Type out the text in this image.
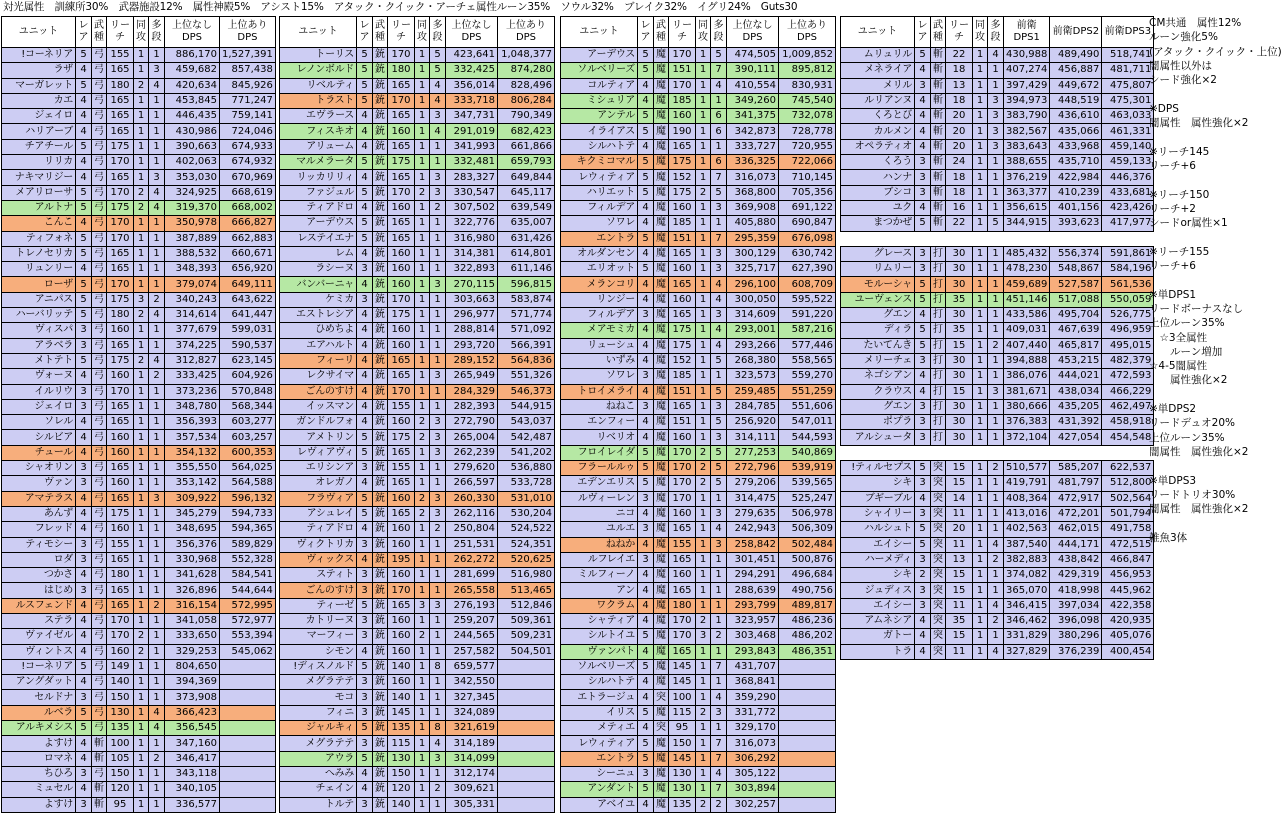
対光属性　訓練所30%　武器施設12%　属性神殿5%　アシスト15%　アタック・クイック・アーチェ属性ルーン35%　ソウル32%　ブレイク32%　イグリ24%　Guts30
ユニット	レア	武種	リーチ	同攻	多段	上位なしDPS	上位ありDPS
!コーネリア	5	弓	155	1	1	886,170	1,527,391
ラザ	4	弓	165	1	3	459,682	857,438
マーガレット	5	弓	180	2	4	420,634	845,926
カエ	4	弓	165	1	1	453,845	771,247
ジェイロ	4	弓	165	1	1	446,435	759,141
ハリアーブ	4	弓	165	1	1	430,986	724,046
チアチール	5	弓	175	1	1	390,663	674,933
リリカ	4	弓	170	1	1	402,063	674,932
ナキマリジー	4	弓	165	1	3	353,030	670,969
メアリローサ	5	弓	170	2	4	324,925	668,619
アルトナ	5	弓	175	2	4	319,370	668,002
こんこ	4	弓	170	1	1	350,978	666,827
ティフォネ	5	弓	170	1	1	387,889	662,883
トレノセリカ	5	弓	165	1	1	388,532	660,671
リュンリー	4	弓	165	1	1	348,393	656,920
ローザ	5	弓	170	1	1	379,074	649,111
アニパス	5	弓	175	3	2	340,243	643,622
ハーバリッテ	5	弓	180	2	4	314,614	641,447
ヴィスパ	3	弓	160	1	1	377,679	599,031
アラベラ	3	弓	165	1	1	374,225	590,537
メトテト	5	弓	175	2	4	312,827	623,145
ヴォーヌ	4	弓	160	1	2	333,425	604,926
イルリウ	3	弓	170	1	1	373,236	570,848
ジェイロ	3	弓	165	1	1	348,780	568,344
ソレル	4	弓	165	1	1	356,393	603,277
シルビア	4	弓	160	1	1	357,534	603,257
チュール	4	弓	160	1	1	354,132	600,353
シャオリン	3	弓	165	1	1	355,550	564,025
ヴァン	3	弓	160	1	1	353,142	564,588
アマテラス	4	弓	165	1	3	309,922	596,132
あんず	4	弓	175	1	1	345,279	594,733
フレッド	4	弓	160	1	1	348,695	594,365
ティモシー	3	弓	155	1	1	356,376	589,829
ロダ	3	弓	165	1	1	330,968	552,328
つかさ	4	弓	180	1	1	341,628	584,541
はじめ	3	弓	165	1	1	326,896	544,644
ルスフェンド	4	弓	165	1	2	316,154	572,995
ステラ	4	弓	170	1	1	341,058	572,977
ヴァイゼル	4	弓	170	2	1	333,650	553,394
ヴィントス	4	弓	160	2	1	329,253	545,062
!コーネリア	5	弓	149	1	1	804,650	
アングダット	4	弓	140	1	1	394,369	
セルドナ	3	弓	150	1	1	373,908	
ルベラ	5	弓	130	1	4	366,423	
アルキメシス	5	弓	135	1	4	356,545	
よすけ	4	斬	100	1	1	347,160	
ロマネ	4	斬	105	1	2	346,417	
ちひろ	3	弓	150	1	1	343,118	
ミュセル	4	斬	120	1	1	340,105	
よすけ	3	斬	95	1	1	336,577	
ユニット	レア	武種	リーチ	同攻	多段	上位なしDPS	上位ありDPS
トーリス	5	銃	170	1	5	423,641	1,048,377
レノンボルド	5	銃	180	1	5	332,425	874,280
リベルティ	5	銃	165	1	4	356,014	828,496
トラスト	5	銃	170	1	4	333,718	806,284
エヴラース	4	銃	165	1	3	347,731	790,349
フィスキオ	4	銃	160	1	4	291,019	682,423
アリューム	4	銃	165	1	1	341,993	661,866
マルメラータ	5	銃	175	1	1	332,481	659,793
リッカリリィ	4	銃	165	1	3	283,327	649,844
ファジュル	5	銃	170	2	3	330,547	645,117
ティアドロ	4	銃	160	1	2	307,502	639,549
アーデウス	5	銃	165	1	1	322,776	635,007
レステイエナ	5	銃	165	1	1	316,980	631,426
レム	4	銃	160	1	1	314,381	614,801
ラシーヌ	3	銃	160	1	1	322,893	611,146
バンバーニャ	4	銃	160	1	3	270,115	596,815
ケミカ	3	銃	170	1	1	303,663	583,874
エストレシア	4	銃	175	1	1	296,977	571,774
ひめちよ	4	銃	160	1	1	288,814	571,092
エアハルト	4	銃	160	1	1	293,720	566,391
フィーリ	4	銃	165	1	1	289,152	564,836
レクサイマ	4	銃	165	1	3	265,949	551,326
ごんのすけ	4	銃	170	1	1	284,329	546,373
イッスマン	4	銃	155	1	1	282,393	544,915
ガンドルフォ	4	銃	160	2	3	272,790	543,037
アメトリン	5	銃	175	2	3	265,004	542,487
レヴィアヴィ	5	銃	165	1	3	262,239	541,202
エリシンア	3	銃	155	1	1	279,620	536,880
オレガノ	4	銃	165	1	1	266,597	533,728
フラヴィア	5	銃	160	2	3	260,330	531,010
アシュレイ	5	銃	165	2	3	262,116	530,204
ティアドロ	4	銃	160	1	2	250,804	524,522
ヴィクトリカ	3	銃	160	1	1	251,531	524,351
ヴィックス	4	銃	195	1	1	262,272	520,625
スティト	3	銃	160	1	1	281,699	516,980
ごんのすけ	3	銃	170	1	1	265,558	513,465
ティーゼ	5	銃	165	3	3	276,193	512,846
カトリーヌ	3	銃	160	1	1	259,207	509,361
マーフィー	3	銃	160	2	1	244,565	509,231
シモン	4	銃	160	1	1	257,582	504,501
!ディスノルド	5	銃	140	1	8	659,577	
メグラテテ	3	銃	160	1	1	342,550	
モコ	3	銃	140	1	1	327,345	
フィニ	3	銃	145	1	1	324,089	
ジャルキィ	5	銃	135	1	8	321,619	
メグラテテ	3	銃	115	1	4	314,189	
アウラ	5	銃	130	1	3	314,099	
へみみ	4	銃	150	1	1	312,174	
チェイン	4	銃	120	1	2	309,621	
トルテ	3	銃	140	1	1	305,331	
ユニット	レア	武種	リーチ	同攻	多段	上位なしDPS	上位ありDPS
アーデウス	5	魔	170	1	5	474,505	1,009,852
ソルベリーズ	5	魔	151	1	7	390,111	895,812
コルティア	4	魔	170	1	4	410,554	830,931
ミシュリア	4	魔	185	1	1	349,260	745,540
アンテル	5	魔	160	1	6	341,375	732,078
イライアス	5	魔	190	1	6	342,873	728,778
シルハトテ	4	魔	165	1	1	333,727	720,955
キクミコマル	5	魔	175	1	6	336,325	722,066
レウィティア	5	魔	152	1	7	316,073	710,145
ハリエット	5	魔	175	2	5	368,800	705,356
フィルデア	4	魔	160	1	3	369,908	691,122
ソワレ	4	魔	185	1	1	405,880	690,847
エントラ	5	魔	151	1	7	295,359	676,098
オルダンセン	4	魔	165	1	3	300,129	630,742
エリオット	5	魔	160	1	3	325,717	627,390
メランコリ	4	魔	165	1	4	296,100	608,709
リンジー	4	魔	160	1	4	300,050	595,522
フィルデア	3	魔	165	1	3	314,609	591,220
メアモミカ	4	魔	175	1	4	293,001	587,216
リューシュ	4	魔	175	1	4	293,266	577,446
いずみ	4	魔	152	1	5	268,380	558,565
ソワレ	3	魔	185	1	1	323,573	559,270
トロイメライ	4	魔	151	1	5	259,485	551,259
ねねこ	3	魔	165	1	3	284,785	551,606
エンフィー	4	魔	151	1	5	256,920	547,011
リベリオ	4	魔	160	1	3	314,111	544,593
フロイレイダ	5	魔	170	2	5	277,253	540,869
フラールルゥ	5	魔	170	2	5	272,796	539,919
エデンエリス	5	魔	170	2	5	279,206	539,565
ルヴィーレン	3	魔	170	1	1	314,475	525,247
ニコ	4	魔	160	1	3	279,635	506,978
ユルエ	3	魔	165	1	4	242,943	506,309
ねねか	4	魔	155	1	3	258,842	502,484
ルフレイエ	3	魔	165	1	1	301,451	500,876
ミルフィーノ	4	魔	160	1	1	294,291	496,684
アン	4	魔	165	1	1	288,639	490,756
ワクラム	4	魔	180	1	1	293,799	489,817
シャティア	4	魔	170	2	1	323,957	486,236
シルトイユ	5	魔	170	3	2	303,468	486,202
ヴァンパト	4	魔	165	1	1	293,843	486,351
ソルベリーズ	5	魔	145	1	7	431,707	
シルハトテ	4	魔	145	1	1	368,841	
エトラージュ	4	突	100	1	4	359,290	
イリス	5	魔	115	2	3	331,772	
メティエ	4	突	95	1	1	329,170	
レウィティア	5	魔	150	1	7	316,073	
エントラ	5	魔	145	1	7	306,292	
シーニュ	3	魔	130	1	4	305,122	
アンダント	5	魔	130	1	7	303,894	
アベイユ	4	魔	135	2	2	302,257	
ユニット	レア	武種	リーチ	同攻	多段	前衛DPS1	前衛DPS2	前衛DPS3
ムリュリル	5	斬	22	1	4	430,988	489,490	518,741
メネライア	4	斬	18	1	1	407,274	456,887	481,711
メリル	3	斬	13	1	1	397,429	449,672	475,807
ルリアンヌ	4	斬	18	1	3	394,973	448,519	475,301
くろとび	4	斬	20	1	3	383,790	436,610	463,033
カルメン	4	斬	20	1	3	382,567	435,066	461,331
オペラティオ	4	斬	20	1	3	383,643	433,968	459,140
くろう	3	斬	24	1	1	388,655	435,710	459,133
ハンナ	3	斬	18	1	1	376,219	422,984	446,376
ブシコ	3	斬	18	1	1	363,377	410,239	433,681
ユク	4	斬	16	1	1	356,615	401,156	423,426
まつかぜ	5	斬	22	1	5	344,915	393,623	417,977

グレース	3	打	30	1	1	485,432	556,374	591,861
リムリー	3	打	30	1	1	478,230	548,867	584,196
モルーシャ	5	打	30	1	1	459,689	527,587	561,536
ユーヴェンス	5	打	35	1	1	451,146	517,088	550,059
グエン	4	打	30	1	1	433,586	495,704	526,775
ディラ	5	打	35	1	1	409,031	467,639	496,959
たいてんき	5	打	15	1	2	407,440	465,817	495,015
メリーチェ	3	打	30	1	1	394,888	453,215	482,379
ネゴシアン	4	打	30	1	1	386,076	444,021	472,593
クラウス	4	打	15	1	3	381,671	438,034	466,229
グエン	3	打	30	1	1	380,666	435,205	462,497
ポプラ	3	打	30	1	1	376,383	431,392	458,918
アルシュータ	3	打	30	1	1	372,104	427,054	454,548

!ティルセプス	5	突	15	1	2	510,577	585,207	622,537
シキ	3	突	15	1	1	419,791	481,797	512,800
ブギーブル	4	突	14	1	1	408,364	472,917	502,564
シャイリー	3	突	11	1	1	413,016	472,201	501,794
ハルシュト	5	突	20	1	1	402,563	462,015	491,758
エイシー	5	突	11	1	4	387,540	444,171	472,515
ハーメディ	3	突	13	1	2	382,883	438,842	466,847
シキ	2	突	15	1	1	374,082	429,319	456,953
ジュディス	3	突	15	1	1	365,070	418,998	445,962
エイシー	3	突	11	1	4	346,415	397,034	422,358
アムネシア	4	突	35	1	2	346,462	396,098	420,935
ガトー	4	突	15	1	1	331,829	380,296	405,076
トラ	4	突	11	1	4	327,829	376,239	400,454
CM共通　属性12%
ルーン強化5%
(アタック・クイック・上位)
闇属性以外は
シード強化×2

※DPS
闇属性　属性強化×2

※リーチ145
リーチ+6

※リーチ150
リーチ+2
シードor属性×1

※リーチ155
リーチ+6

※単DPS1
リードボーナスなし
上位ルーン35%
　☆3全属性
　　ルーン増加
☆4-5闇属性
　　属性強化×2

※単DPS2
リードデュオ20%
上位ルーン35%
闇属性　属性強化×2

※単DPS3
リードトリオ30%
闇属性　属性強化×2

雑魚3体
